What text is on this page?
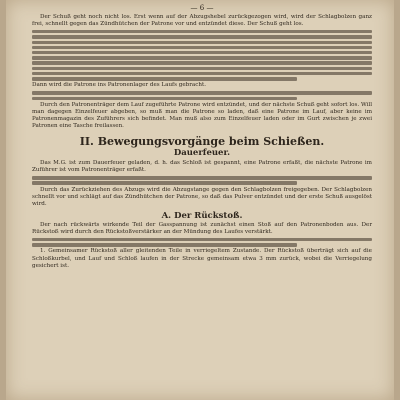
— 6 —

Der Schuß geht noch nicht los. Erst wenn auf der Abzugshebel zurückgezogen wird, wird der Schlagbolzen ganz frei, schnellt gegen das Zündhütchen der Patrone vor und entzündet diese. Der Schuß geht los.

Dann wird die Patrone ins Patronenlager des Laufs gebracht.

Durch den Patronenträger dem Lauf zugeführte Patrone wird entzündet, und der nächste Schuß geht sofort los. Will man dagegen Einzelfeuer abgeben, so muß man die Patrone so laden, daß eine Patrone im Lauf, aber keine im Patronenmagazin des Zuführers sich befindet. Man muß also zum Einzelfeuer laden oder im Gurt zwischen je zwei Patronen eine Tasche freilassen.

II. Bewegungsvorgänge beim Schießen.
Dauerfeuer.

Das M.G. ist zum Dauerfeuer geladen, d. h. das Schloß ist gespannt, eine Patrone erfaßt, die nächste Patrone im Zuführer ist vom Patronenträger erfaßt.

Durch das Zurückziehen des Abzugs wird die Abzugstange gegen den Schlagbolzen freigegeben. Der Schlagbolzen schnellt vor und schlägt auf das Zündhütchen der Patrone, so daß das Pulver entzündet und der erste Schuß ausgelöst wird.

A. Der Rückstoß.

Der nach rückwärts wirkende Teil der Gasspannung ist zunächst einen Stoß auf den Patronenboden aus. Der Rückstoß wird durch den Rückstoßverstärker an der Mündung des Laufes verstärkt.

1. Gemeinsamer Rückstoß aller gleitenden Teile in verriegeltem Zustande. Der Rückstoß überträgt sich auf die Schloßkurbel, und Lauf und Schloß laufen in der Strecke gemeinsam etwa 3 mm zurück, wobei die Verriegelung gesichert ist.
